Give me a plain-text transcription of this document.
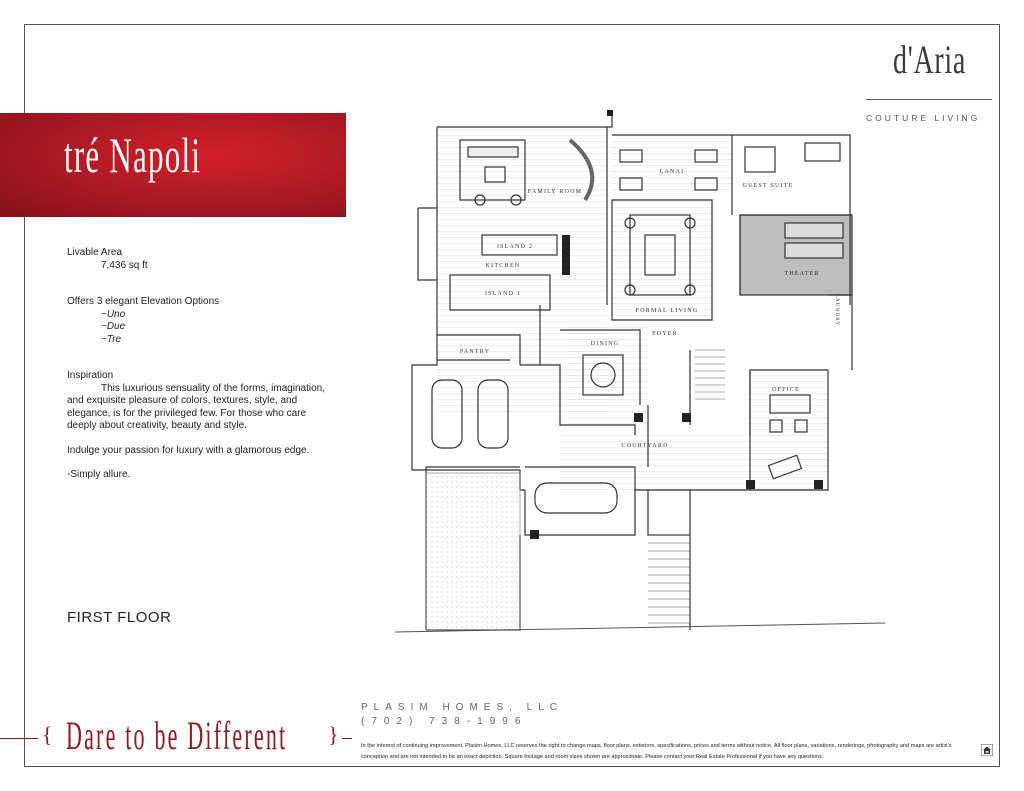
d'Aria
COUTURE LIVING
tré Napoli

Livable Area

7,436 sq ft

Offers 3 elegant Elevation Options

~Uno

~Due

~Tre

Inspiration

This luxurious sensuality of the forms, imagination, and exquisite pleasure of colors, textures, style, and elegance, is for the privileged few. For those who care deeply about creativity, beauty and style.

Indulge your passion for luxury with a glamorous edge.

-Simply allure.

FIRST FLOOR
FAMILY ROOM
LANAI
GUEST SUITE
KITCHEN
ISLAND 1
ISLAND 2
THEATER
FORMAL LIVING	LAUNDRY
PANTRY
DINING
FOYER
OFFICE
COURTYARD
{ Dare to be Different }
PLASIM HOMES, LLC
(702) 738-1996
In the interest of continuing improvement, Plasim Homes, LLC reserves the right to change maps, floor plans, exteriors, specifications, prices and terms without notice. All floor plans, variations, renderings, photography and maps are artist's conception and are not intended to be an exact depiction. Square footage and room sizes shown are approximate. Please contact your Real Estate Professional if you have any questions.
